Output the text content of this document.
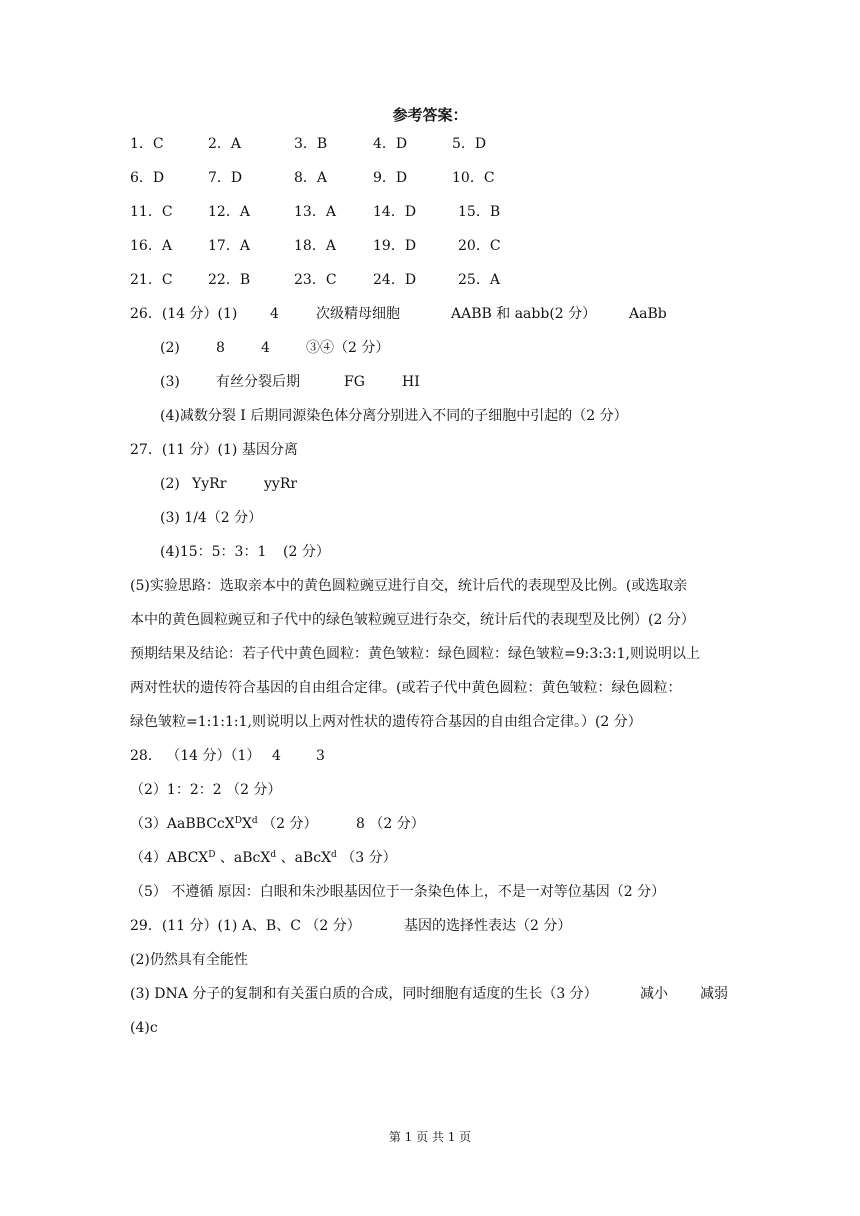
参考答案：
1．C	2．A	3．B	4．D	5．D
6．D	7．D	8．A	9．D	10．C
11．C	12．A	13．A	14．D	15．B
16．A	17．A	18．A	19．D	20．C
21．C	22．B	23．C	24．D	25．A
26．(14 分）(1) 4	次级精母细胞	AABB 和 aabb(2 分） AaBb
(2)	8	4	③④（2 分）
(3)	有丝分裂后期	FG	HI
(4)减数分裂 I 后期同源染色体分离分别进入不同的子细胞中引起的（2 分）
27．(11 分）(1) 基因分离
(2) YyRr	yyRr
(3) 1/4（2 分）
(4)15：5：3：1 (2 分）
(5)实验思路：选取亲本中的黄色圆粒豌豆进行自交，统计后代的表现型及比例。(或选取亲
本中的黄色圆粒豌豆和子代中的绿色皱粒豌豆进行杂交，统计后代的表现型及比例）(2 分）
预期结果及结论：若子代中黄色圆粒：黄色皱粒：绿色圆粒：绿色皱粒=9:3:3:1,则说明以上
两对性状的遗传符合基因的自由组合定律。(或若子代中黄色圆粒：黄色皱粒：绿色圆粒：
绿色皱粒=1:1:1:1,则说明以上两对性状的遗传符合基因的自由组合定律。）(2 分）
28． （14 分）（1） 4	3
（2）1：2：2 （2 分）
$(3)AaBBCcX^DX^d$ （2 分）	8 （2 分）
$(4)ABCX^D$ 、aBcX$^d$ 、aBcX$^d$ （3 分）
（5） 不遵循 原因：白眼和朱沙眼基因位于一条染色体上，不是一对等位基因（2 分）
29．(11 分）(1) A、B、C （2 分）	基因的选择性表达（2 分）
(2)仍然具有全能性
(3) DNA 分子的复制和有关蛋白质的合成，同时细胞有适度的生长（3 分）	减小 减弱
(4)c
第 1 页 共 1 页
